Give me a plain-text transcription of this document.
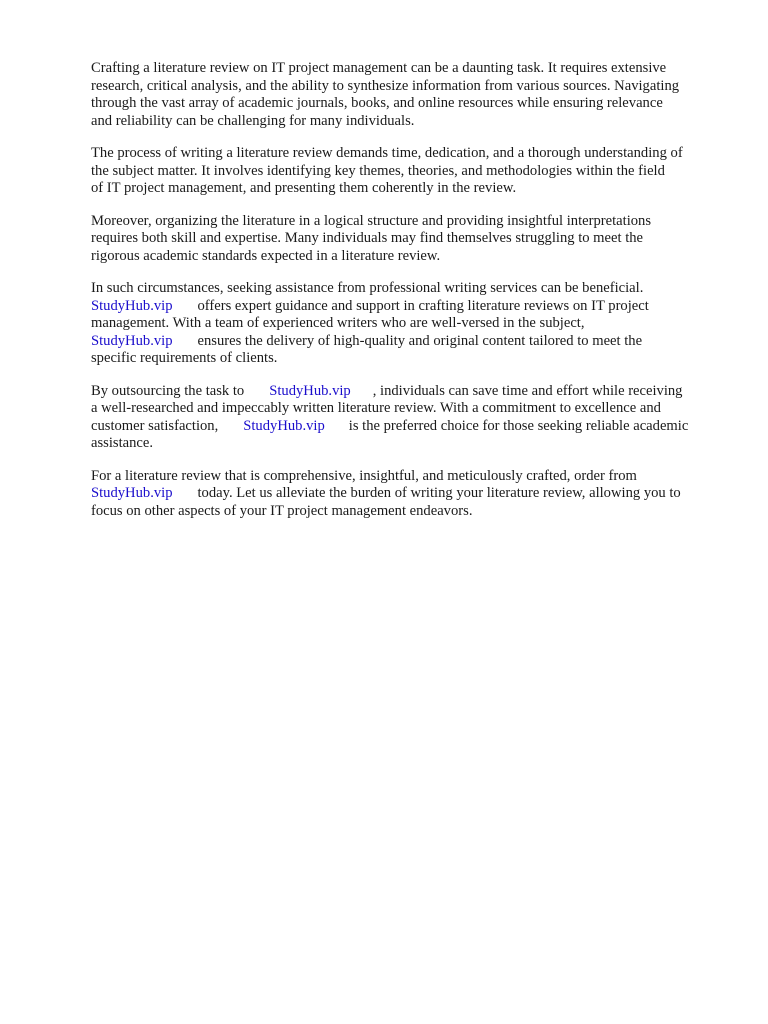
Crafting a literature review on IT project management can be a daunting task. It requires extensive
research, critical analysis, and the ability to synthesize information from various sources. Navigating
through the vast array of academic journals, books, and online resources while ensuring relevance
and reliability can be challenging for many individuals.

The process of writing a literature review demands time, dedication, and a thorough understanding of
the subject matter. It involves identifying key themes, theories, and methodologies within the field
of IT project management, and presenting them coherently in the review.

Moreover, organizing the literature in a logical structure and providing insightful interpretations
requires both skill and expertise. Many individuals may find themselves struggling to meet the
rigorous academic standards expected in a literature review.

In such circumstances, seeking assistance from professional writing services can be beneficial.
StudyHub.vip offers expert guidance and support in crafting literature reviews on IT project
management. With a team of experienced writers who are well-versed in the subject,
StudyHub.vip ensures the delivery of high-quality and original content tailored to meet the
specific requirements of clients.

By outsourcing the task to StudyHub.vip , individuals can save time and effort while receiving
a well-researched and impeccably written literature review. With a commitment to excellence and
customer satisfaction, StudyHub.vip is the preferred choice for those seeking reliable academic
assistance.

For a literature review that is comprehensive, insightful, and meticulously crafted, order from
StudyHub.vip today. Let us alleviate the burden of writing your literature review, allowing you to
focus on other aspects of your IT project management endeavors.
